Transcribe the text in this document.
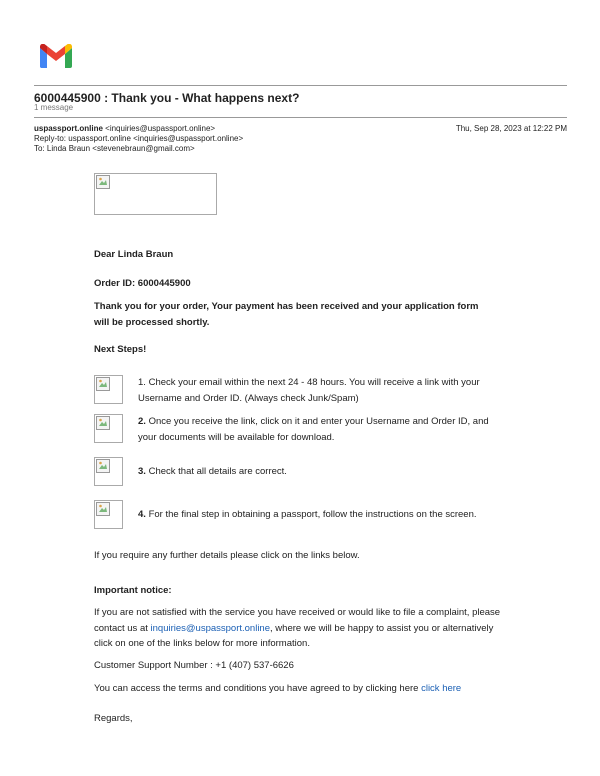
6000445900 : Thank you - What happens next?
1 message
uspassport.online <inquiries@uspassport.online>
Reply-to: uspassport.online <inquiries@uspassport.online>
To: Linda Braun <stevenebraun@gmail.com>
Thu, Sep 28, 2023 at 12:22 PM
Dear Linda Braun
Order ID: 6000445900
Thank you for your order, Your payment has been received and your application form will be processed shortly.
Next Steps!
1. Check your email within the next 24 - 48 hours. You will receive a link with your Username and Order ID. (Always check Junk/Spam)
2. Once you receive the link, click on it and enter your Username and Order ID, and your documents will be available for download.
3. Check that all details are correct.
4. For the final step in obtaining a passport, follow the instructions on the screen.
If you require any further details please click on the links below.
Important notice:
If you are not satisfied with the service you have received or would like to file a complaint, please contact us at inquiries@uspassport.online, where we will be happy to assist you or alternatively click on one of the links below for more information.
Customer Support Number : +1 (407) 537-6626
You can access the terms and conditions you have agreed to by clicking here click here
Regards,
